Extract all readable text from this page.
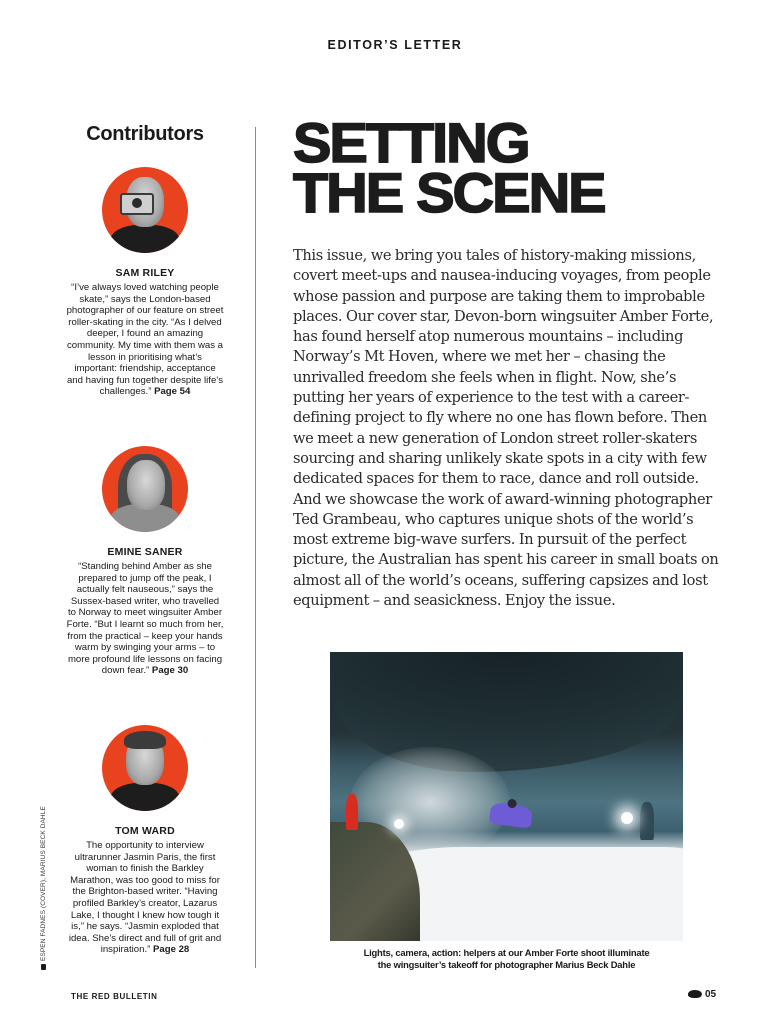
EDITOR’S LETTER
Contributors
SAM RILEY
“I’ve always loved watching people skate,” says the London-based photographer of our feature on street roller-skating in the city. “As I delved deeper, I found an amazing community. My time with them was a lesson in prioritising what’s important: friendship, acceptance and having fun together despite life’s challenges.” Page 54
EMINE SANER
“Standing behind Amber as she prepared to jump off the peak, I actually felt nauseous,” says the Sussex-based writer, who travelled to Norway to meet wingsuiter Amber Forte. “But I learnt so much from her, from the practical – keep your hands warm by swinging your arms – to more profound life lessons on facing down fear.” Page 30
TOM WARD
The opportunity to interview ultrarunner Jasmin Paris, the first woman to finish the Barkley Marathon, was too good to miss for the Brighton-based writer. “Having profiled Barkley’s creator, Lazarus Lake, I thought I knew how tough it is,” he says. “Jasmin exploded that idea. She’s direct and full of grit and inspiration.” Page 28
SETTING
THE SCENE
This issue, we bring you tales of history-making missions, covert meet-ups and nausea-inducing voyages, from people whose passion and purpose are taking them to improbable places. Our cover star, Devon-born wingsuiter Amber Forte, has found herself atop numerous mountains – including Norway’s Mt Hoven, where we met her – chasing the unrivalled freedom she feels when in flight. Now, she’s putting her years of experience to the test with a career-defining project to fly where no one has flown before. Then we meet a new generation of London street roller-skaters sourcing and sharing unlikely skate spots in a city with few dedicated spaces for them to race, dance and roll outside. And we showcase the work of award-winning photographer Ted Grambeau, who captures unique shots of the world’s most extreme big-wave surfers. In pursuit of the perfect picture, the Australian has spent his career in small boats on almost all of the world’s oceans, suffering capsizes and lost equipment – and seasickness. Enjoy the issue.
Lights, camera, action: helpers at our Amber Forte shoot illuminate
the wingsuiter’s takeoff for photographer Marius Beck Dahle
ESPEN FADNES (COVER), MARIUS BECK DAHLE
THE RED BULLETIN	05
